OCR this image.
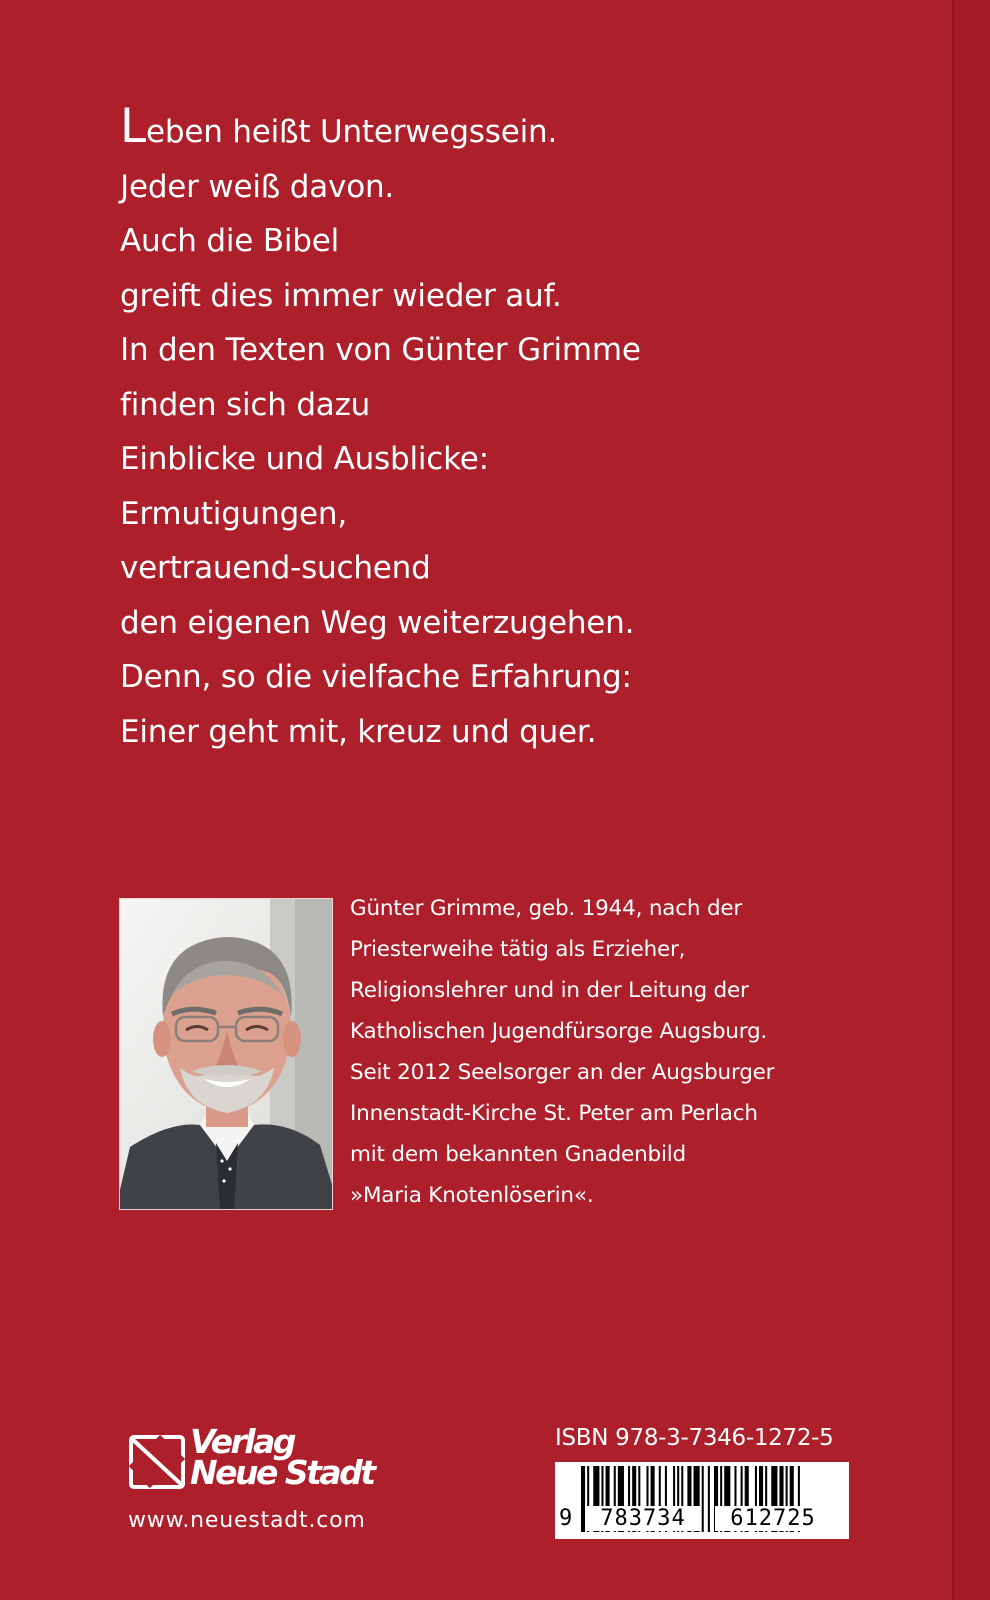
Leben heißt Unterwegssein.
Jeder weiß davon.
Auch die Bibel
greift dies immer wieder auf.
In den Texten von Günter Grimme
finden sich dazu
Einblicke und Ausblicke:
Ermutigungen,
vertrauend-suchend
den eigenen Weg weiterzugehen.
Denn, so die vielfache Erfahrung:
Einer geht mit, kreuz und quer.
Günter Grimme, geb. 1944, nach der
Priesterweihe tätig als Erzieher,
Religionslehrer und in der Leitung der
Katholischen Jugendfürsorge Augsburg.
Seit 2012 Seelsorger an der Augsburger
Innenstadt-Kirche St. Peter am Perlach
mit dem bekannten Gnadenbild
»Maria Knotenlöserin«.
Verlag
Neue Stadt
www.neuestadt.com
ISBN 978-3-7346-1272-5
9	783734	612725
